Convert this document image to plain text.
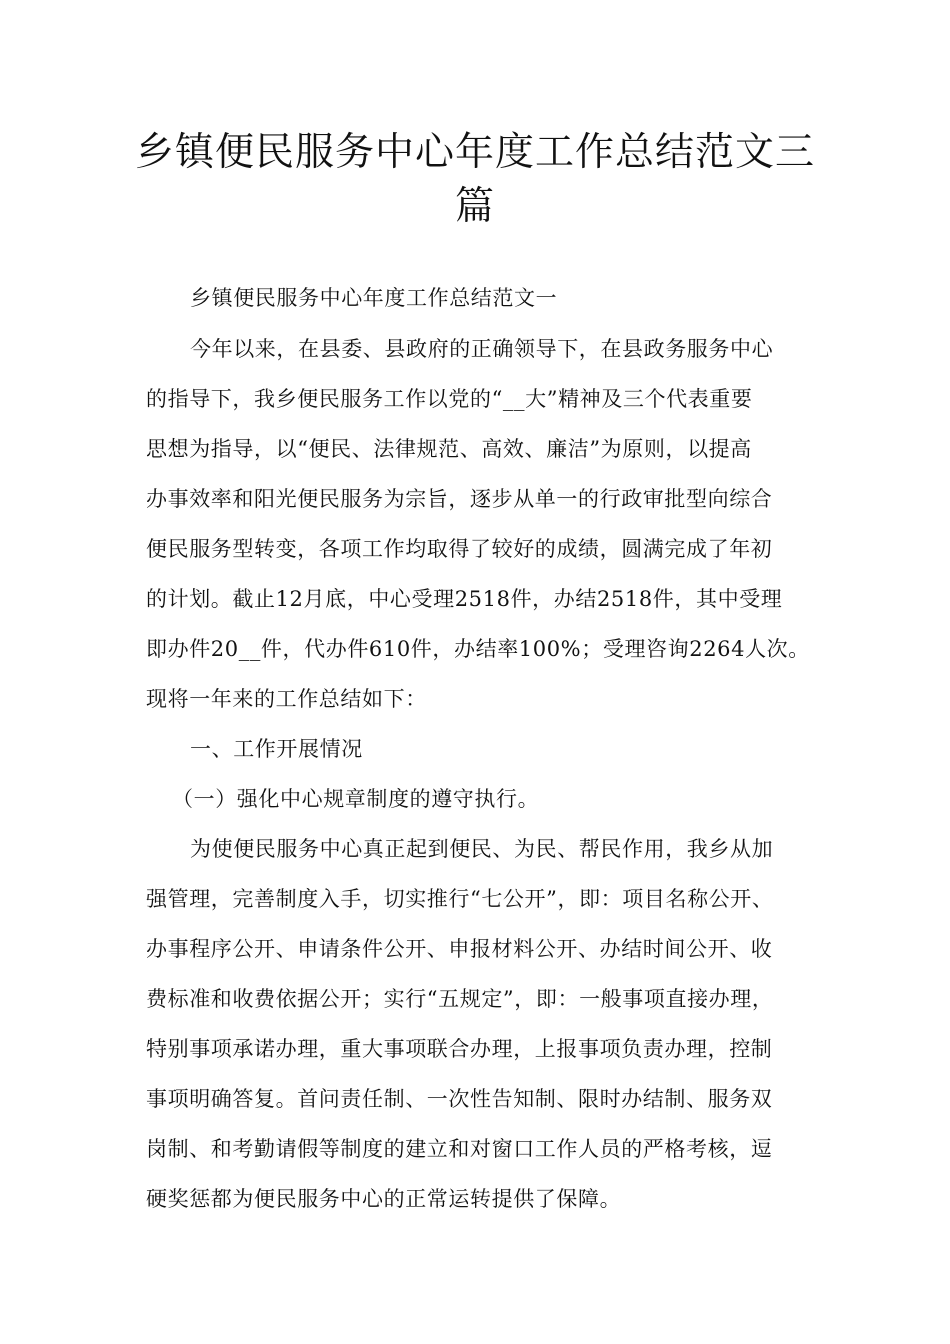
乡镇便民服务中心年度工作总结范文三
篇
乡镇便民服务中心年度工作总结范文一
今年以来，在县委、县政府的正确领导下，在县政务服务中心
的指导下，我乡便民服务工作以党的“__大”精神及三个代表重要
思想为指导，以“便民、法律规范、高效、廉洁”为原则，以提高
办事效率和阳光便民服务为宗旨，逐步从单一的行政审批型向综合
便民服务型转变，各项工作均取得了较好的成绩，圆满完成了年初
的计划。截止12月底，中心受理2518件，办结2518件，其中受理
即办件20__件，代办件610件，办结率100%；受理咨询2264人次。
现将一年来的工作总结如下：
一、工作开展情况
（一）强化中心规章制度的遵守执行。
为使便民服务中心真正起到便民、为民、帮民作用，我乡从加
强管理，完善制度入手，切实推行“七公开”，即：项目名称公开、
办事程序公开、申请条件公开、申报材料公开、办结时间公开、收
费标准和收费依据公开；实行“五规定”，即：一般事项直接办理，
特别事项承诺办理，重大事项联合办理，上报事项负责办理，控制
事项明确答复。首问责任制、一次性告知制、限时办结制、服务双
岗制、和考勤请假等制度的建立和对窗口工作人员的严格考核，逗
硬奖惩都为便民服务中心的正常运转提供了保障。
